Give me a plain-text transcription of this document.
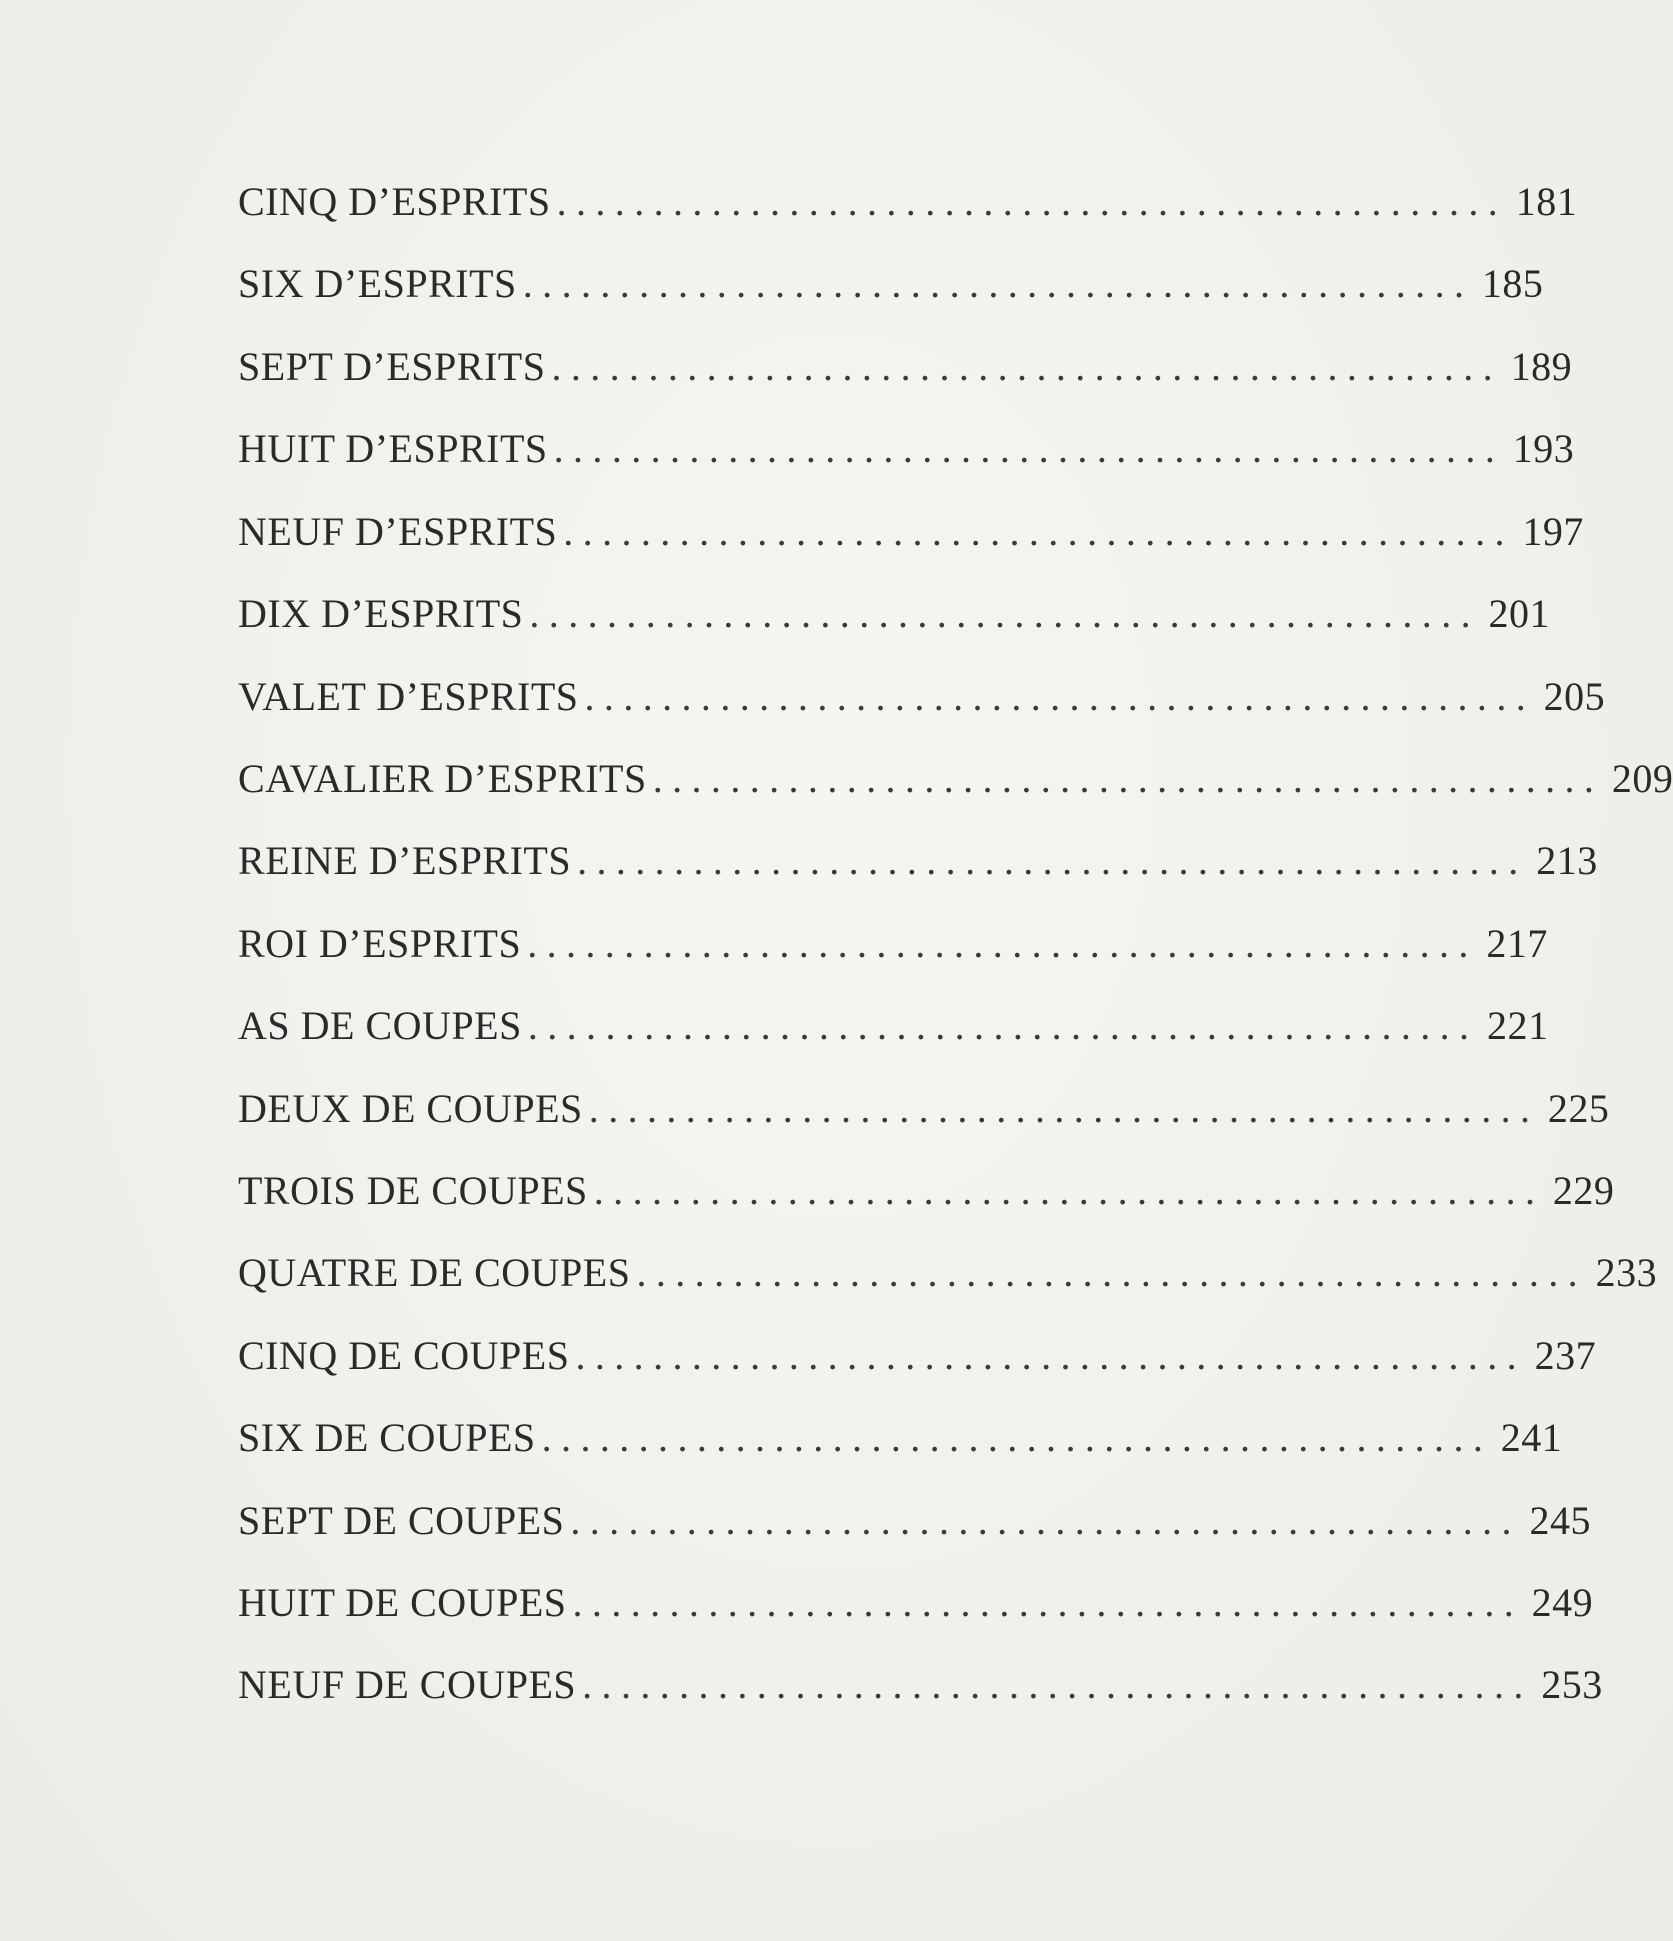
CINQ D’ESPRITS ................................................. 181
SIX D’ESPRITS ................................................. 185
SEPT D’ESPRITS ................................................. 189
HUIT D’ESPRITS ................................................. 193
NEUF D’ESPRITS ................................................. 197
DIX D’ESPRITS ................................................. 201
VALET D’ESPRITS ................................................. 205
CAVALIER D’ESPRITS ................................................. 209
REINE D’ESPRITS ................................................. 213
ROI D’ESPRITS ................................................. 217
AS DE COUPES ................................................. 221
DEUX DE COUPES ................................................. 225
TROIS DE COUPES ................................................. 229
QUATRE DE COUPES ................................................. 233
CINQ DE COUPES ................................................. 237
SIX DE COUPES ................................................. 241
SEPT DE COUPES ................................................. 245
HUIT DE COUPES ................................................. 249
NEUF DE COUPES ................................................. 253
